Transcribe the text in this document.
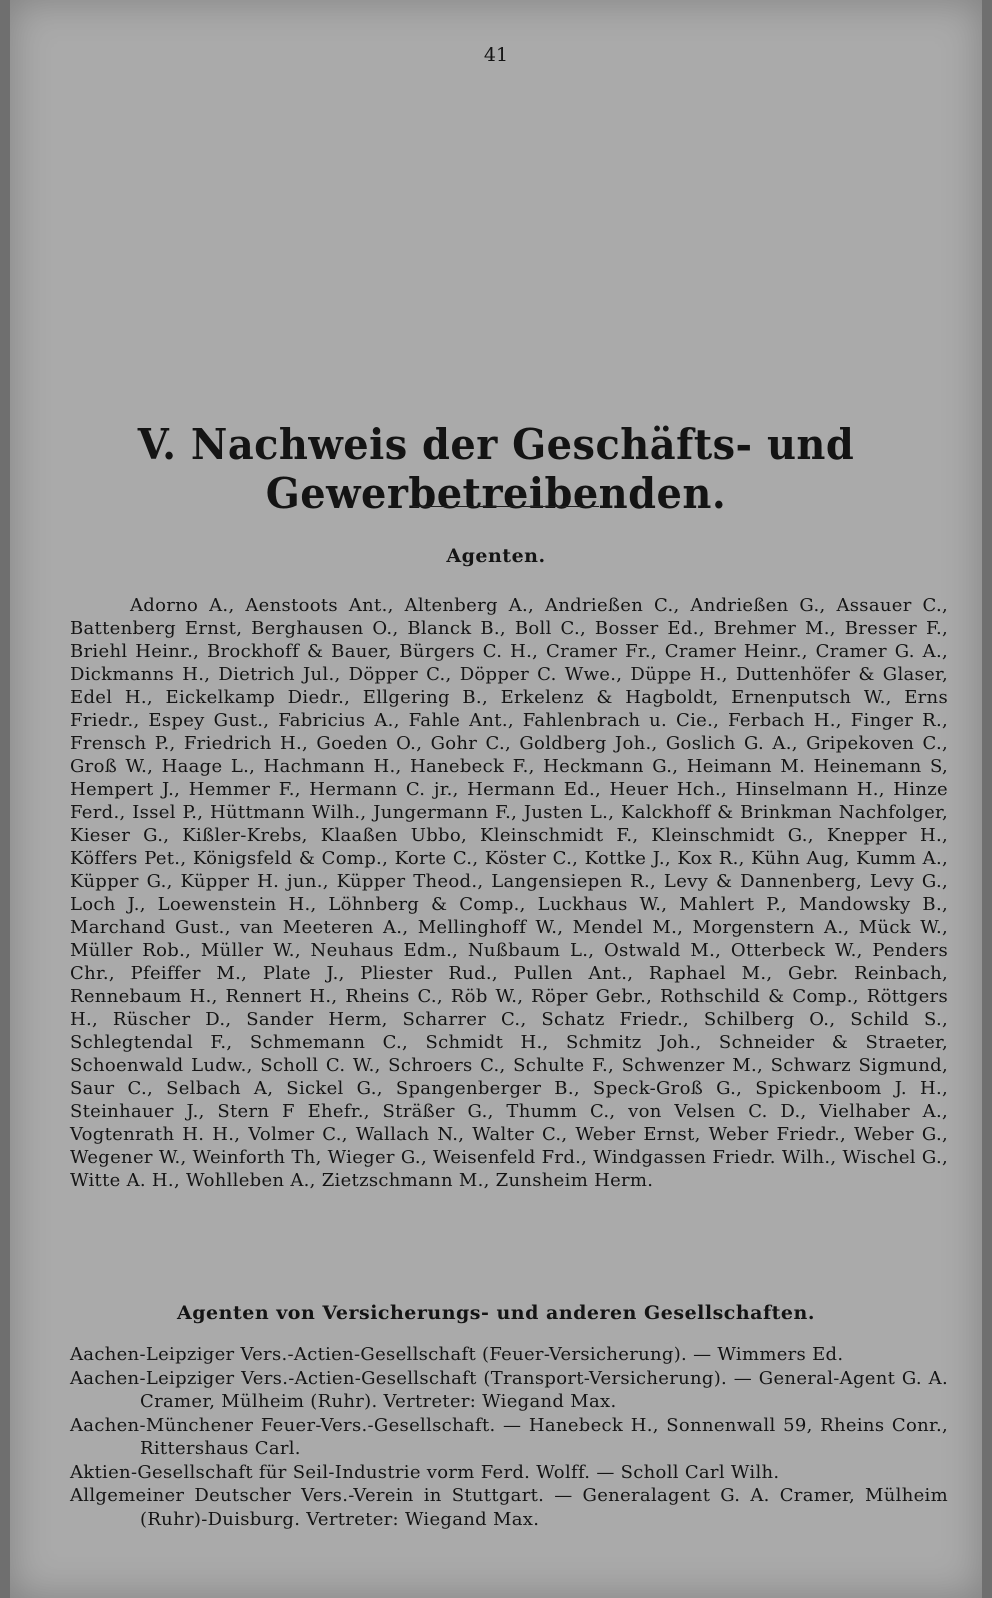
41
V. Nachweis der Geschäfts- und Gewerbetreibenden.
Agenten.
Adorno A., Aenstoots Ant., Altenberg A., Andrießen C., Andrießen G., Assauer C., Battenberg Ernst, Berghausen O., Blanck B., Boll C., Bosser Ed., Brehmer M., Bresser F., Briehl Heinr., Brockhoff & Bauer, Bürgers C. H., Cramer Fr., Cramer Heinr., Cramer G. A., Dickmanns H., Dietrich Jul., Döpper C., Döpper C. Wwe., Düppe H., Duttenhöfer & Glaser, Edel H., Eickelkamp Diedr., Ellgering B., Erkelenz & Hagboldt, Ernenputsch W., Erns Friedr., Espey Gust., Fabricius A., Fahle Ant., Fahlenbrach u. Cie., Ferbach H., Finger R., Frensch P., Friedrich H., Goeden O., Gohr C., Goldberg Joh., Goslich G. A., Gripekoven C., Groß W., Haage L., Hachmann H., Hanebeck F., Heckmann G., Heimann M. Heinemann S, Hempert J., Hemmer F., Hermann C. jr., Hermann Ed., Heuer Hch., Hinselmann H., Hinze Ferd., Issel P., Hüttmann Wilh., Jungermann F., Justen L., Kalckhoff & Brinkman Nachfolger, Kieser G., Kißler-Krebs, Klaaßen Ubbo, Kleinschmidt F., Kleinschmidt G., Knepper H., Köffers Pet., Königsfeld & Comp., Korte C., Köster C., Kottke J., Kox R., Kühn Aug, Kumm A., Küpper G., Küpper H. jun., Küpper Theod., Langensiepen R., Levy & Dannenberg, Levy G., Loch J., Loewenstein H., Löhnberg & Comp., Luckhaus W., Mahlert P., Mandowsky B., Marchand Gust., van Meeteren A., Mellinghoff W., Mendel M., Morgenstern A., Mück W., Müller Rob., Müller W., Neuhaus Edm., Nußbaum L., Ostwald M., Otterbeck W., Penders Chr., Pfeiffer M., Plate J., Pliester Rud., Pullen Ant., Raphael M., Gebr. Reinbach, Rennebaum H., Rennert H., Rheins C., Röb W., Röper Gebr., Rothschild & Comp., Röttgers H., Rüscher D., Sander Herm, Scharrer C., Schatz Friedr., Schilberg O., Schild S., Schlegtendal F., Schmemann C., Schmidt H., Schmitz Joh., Schneider & Straeter, Schoenwald Ludw., Scholl C. W., Schroers C., Schulte F., Schwenzer M., Schwarz Sigmund, Saur C., Selbach A, Sickel G., Spangenberger B., Speck-Groß G., Spickenboom J. H., Steinhauer J., Stern F Ehefr., Sträßer G., Thumm C., von Velsen C. D., Vielhaber A., Vogtenrath H. H., Volmer C., Wallach N., Walter C., Weber Ernst, Weber Friedr., Weber G., Wegener W., Weinforth Th, Wieger G., Weisenfeld Frd., Windgassen Friedr. Wilh., Wischel G., Witte A. H., Wohlleben A., Zietzschmann M., Zunsheim Herm.
Agenten von Versicherungs- und anderen Gesellschaften.
Aachen-Leipziger Vers.-Actien-Gesellschaft (Feuer-Versicherung). — Wimmers Ed.
Aachen-Leipziger Vers.-Actien-Gesellschaft (Transport-Versicherung). — General-Agent G. A. Cramer, Mülheim (Ruhr). Vertreter: Wiegand Max.
Aachen-Münchener Feuer-Vers.-Gesellschaft. — Hanebeck H., Sonnenwall 59, Rheins Conr., Rittershaus Carl.
Aktien-Gesellschaft für Seil-Industrie vorm Ferd. Wolff. — Scholl Carl Wilh.
Allgemeiner Deutscher Vers.-Verein in Stuttgart. — Generalagent G. A. Cramer, Mülheim (Ruhr)-Duisburg. Vertreter: Wiegand Max.
